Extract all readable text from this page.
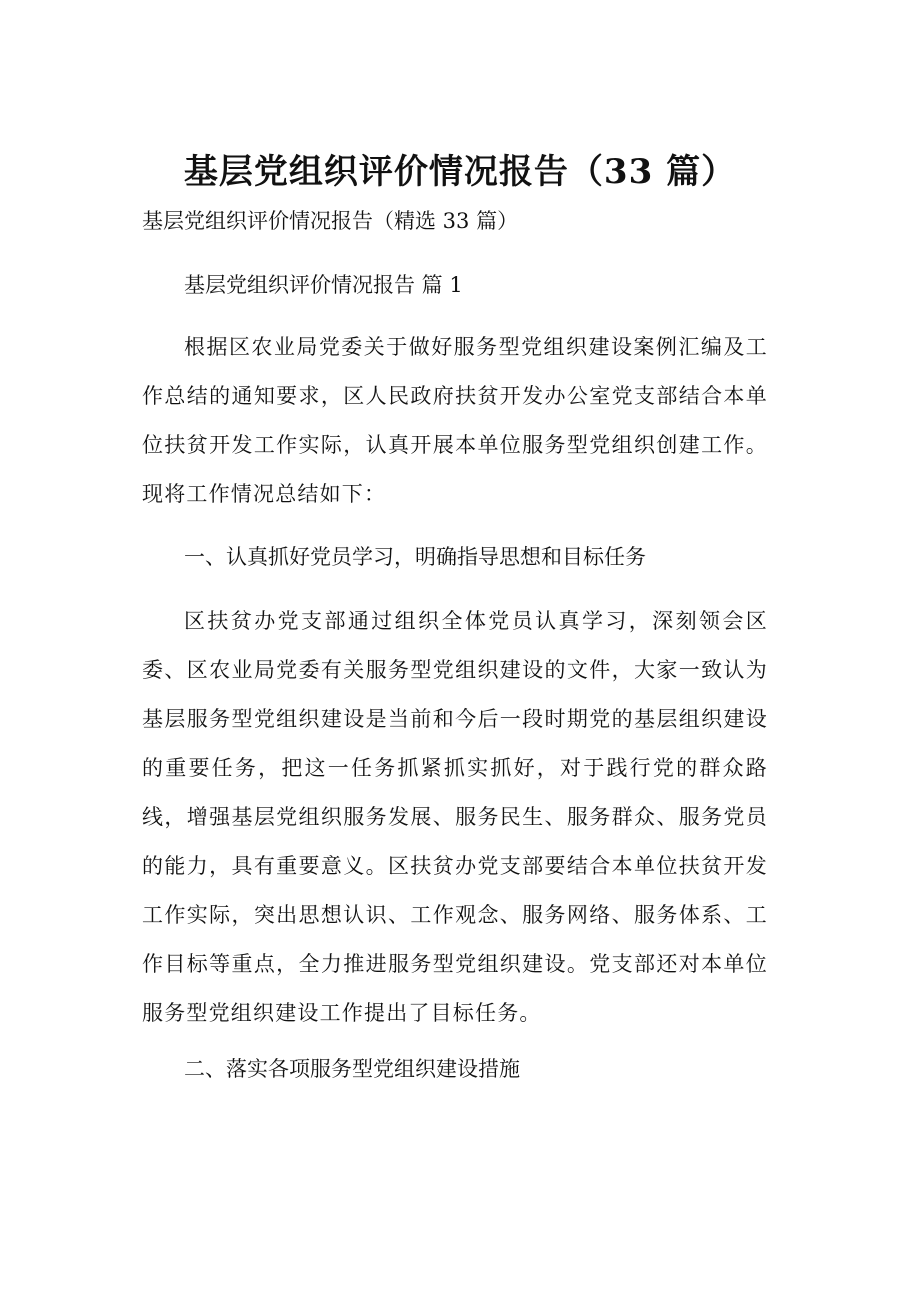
基层党组织评价情况报告（33 篇）
基层党组织评价情况报告（精选 33 篇）
基层党组织评价情况报告 篇 1
根据区农业局党委关于做好服务型党组织建设案例汇编及工作总结的通知要求，区人民政府扶贫开发办公室党支部结合本单位扶贫开发工作实际，认真开展本单位服务型党组织创建工作。现将工作情况总结如下：
一、认真抓好党员学习，明确指导思想和目标任务
区扶贫办党支部通过组织全体党员认真学习，深刻领会区委、区农业局党委有关服务型党组织建设的文件，大家一致认为基层服务型党组织建设是当前和今后一段时期党的基层组织建设的重要任务，把这一任务抓紧抓实抓好，对于践行党的群众路线，增强基层党组织服务发展、服务民生、服务群众、服务党员的能力，具有重要意义。区扶贫办党支部要结合本单位扶贫开发工作实际，突出思想认识、工作观念、服务网络、服务体系、工作目标等重点，全力推进服务型党组织建设。党支部还对本单位服务型党组织建设工作提出了目标任务。
二、落实各项服务型党组织建设措施
